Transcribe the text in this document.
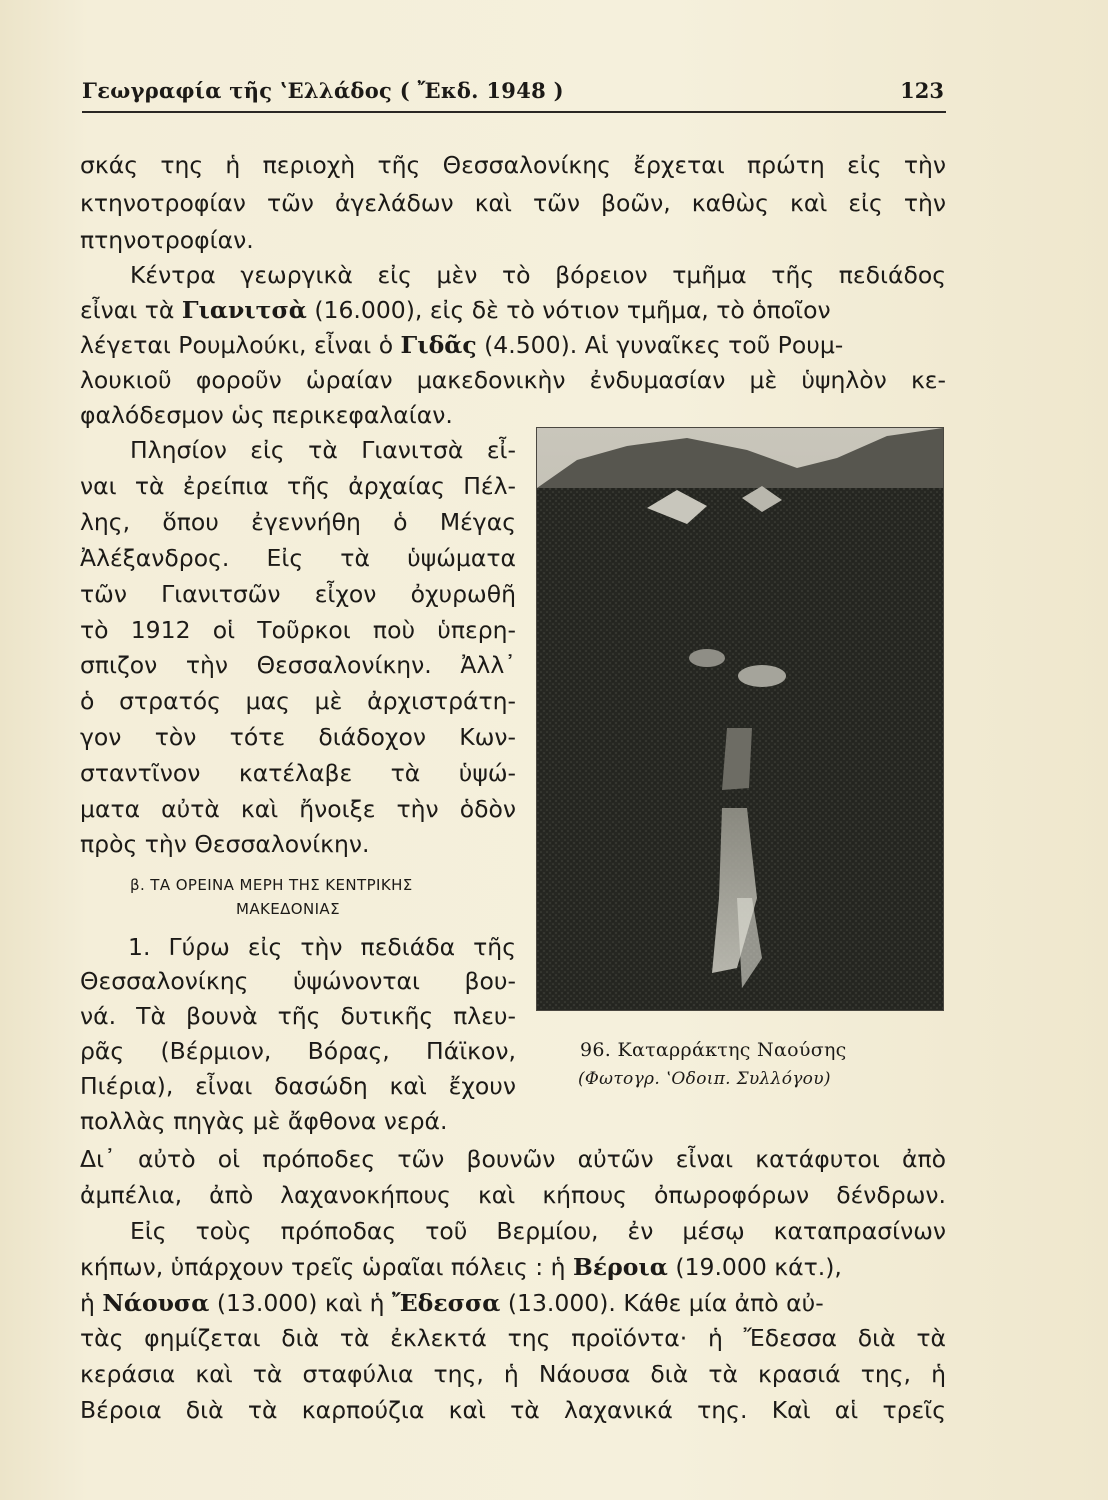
Γεωγραφία τῆς ʽΕλλάδος ( Ἔκδ. 1948 )	123
σκάς της ἡ περιοχὴ τῆς Θεσσαλονίκης ἔρχεται πρώτη εἰς τὴν
κτηνοτροφίαν τῶν ἀγελάδων καὶ τῶν βοῶν, καθὼς καὶ εἰς τὴν
πτηνοτροφίαν.
Κέντρα γεωργικὰ εἰς μὲν τὸ βόρειον τμῆμα τῆς πεδιάδος
εἶναι τὰ Γιανιτσὰ (16.000), εἰς δὲ τὸ νότιον τμῆμα, τὸ ὁποῖον
λέγεται Ρουμλούκι, εἶναι ὁ Γιδᾶς (4.500). Αἱ γυναῖκες τοῦ Ρουμ-
λουκιοῦ φοροῦν ὡραίαν μακεδονικὴν ἐνδυμασίαν μὲ ὑψηλὸν κε-
φαλόδεσμον ὡς περικεφαλαίαν.
Πλησίον εἰς τὰ Γιανιτσὰ εἶ-
ναι τὰ ἐρείπια τῆς ἀρχαίας Πέλ-
λης, ὅπου ἐγεννήθη ὁ Μέγας
Ἀλέξανδρος. Εἰς τὰ ὑψώματα
τῶν Γιανιτσῶν εἶχον ὀχυρωθῆ
τὸ 1912 οἱ Τοῦρκοι ποὺ ὑπερη-
σπιζον τὴν Θεσσαλονίκην. Ἀλλ᾿
ὁ στρατός μας μὲ ἀρχιστράτη-
γον τὸν τότε διάδοχον Κων-
σταντῖνον κατέλαβε τὰ ὑψώ-
ματα αὐτὰ καὶ ἤνοιξε τὴν ὁδὸν
πρὸς τὴν Θεσσαλονίκην.
β. ΤΑ ΟΡΕΙΝΑ ΜΕΡΗ ΤΗΣ ΚΕΝΤΡΙΚΗΣ
ΜΑΚΕΔΟΝΙΑΣ
1. Γύρω εἰς τὴν πεδιάδα τῆς
Θεσσαλονίκης ὑψώνονται βου-
νά. Τὰ βουνὰ τῆς δυτικῆς πλευ-
ρᾶς (Βέρμιον, Βόρας, Πάϊκον,
Πιέρια), εἶναι δασώδη καὶ ἔχουν
πολλὰς πηγὰς μὲ ἄφθονα νερά.
Δι᾿ αὐτὸ οἱ πρόποδες τῶν βουνῶν αὐτῶν εἶναι κατάφυτοι ἀπὸ
ἀμπέλια, ἀπὸ λαχανοκήπους καὶ κήπους ὀπωροφόρων δένδρων.
96. Καταρράκτης Ναούσης
(Φωτογρ. ʽΟδοιπ. Συλλόγου)
Εἰς τοὺς πρόποδας τοῦ Βερμίου, ἐν μέσῳ καταπρασίνων
κήπων, ὑπάρχουν τρεῖς ὡραῖαι πόλεις : ἡ Βέροια (19.000 κάτ.),
ἡ Νάουσα (13.000) καὶ ἡ Ἔδεσσα (13.000). Κάθε μία ἀπὸ αὐ-
τὰς φημίζεται διὰ τὰ ἐκλεκτά της προϊόντα· ἡ Ἔδεσσα διὰ τὰ
κεράσια καὶ τὰ σταφύλια της, ἡ Νάουσα διὰ τὰ κρασιά της, ἡ
Βέροια διὰ τὰ καρπούζια καὶ τὰ λαχανικά της. Καὶ αἱ τρεῖς
